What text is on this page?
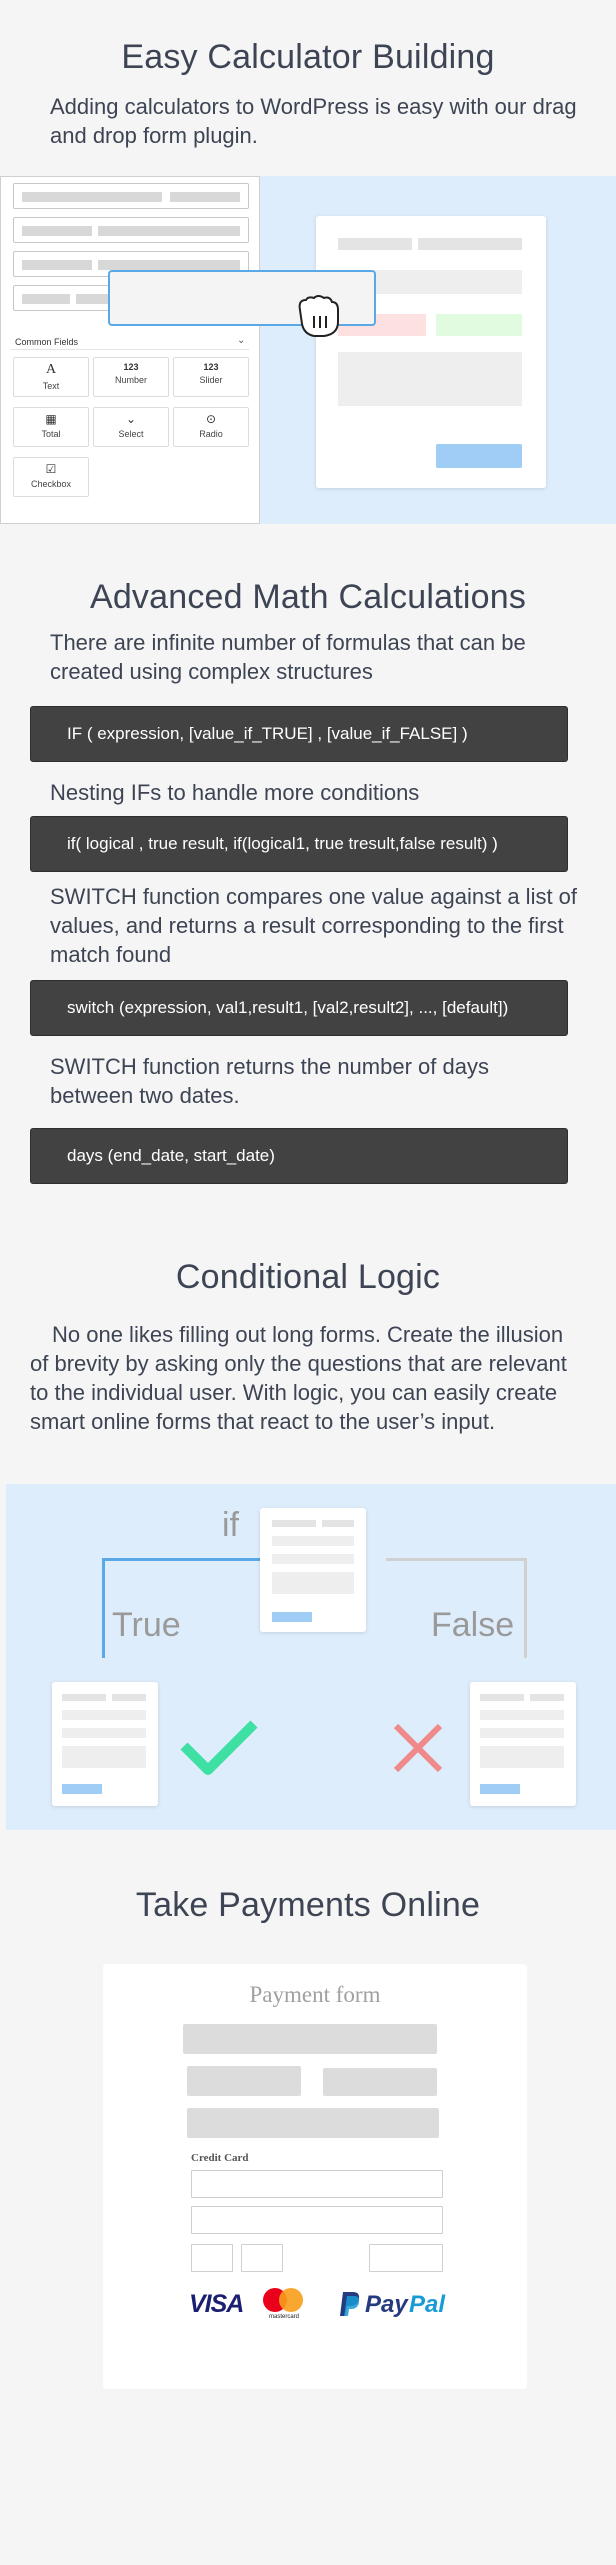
Easy Calculator Building

Adding calculators to WordPress is easy with our drag and drop form plugin.

Common Fields	⌄
A
Text
123
Number
123
Slider
▦
Total
⌄
Select
⊙
Radio
☑
Checkbox
Advanced Math Calculations

There are infinite number of formulas that can be created using complex structures

IF ( expression, [value_if_TRUE] , [value_if_FALSE] )

Nesting IFs to handle more conditions

if( logical , true result, if(logical1, true tresult,false result) )

SWITCH function compares one value against a list of values, and returns a result corresponding to the first match found

switch (expression, val1,result1, [val2,result2], ..., [default])

SWITCH function returns the number of days between two dates.

days (end_date, start_date)
Conditional Logic

No one likes filling out long forms. Create the illusion of brevity by asking only the questions that are relevant to the individual user. With logic, you can easily create smart online forms that react to the user’s input.

if
True	False
Take Payments Online
Payment form
Credit Card
VISA	mastercard	Pay Pal
